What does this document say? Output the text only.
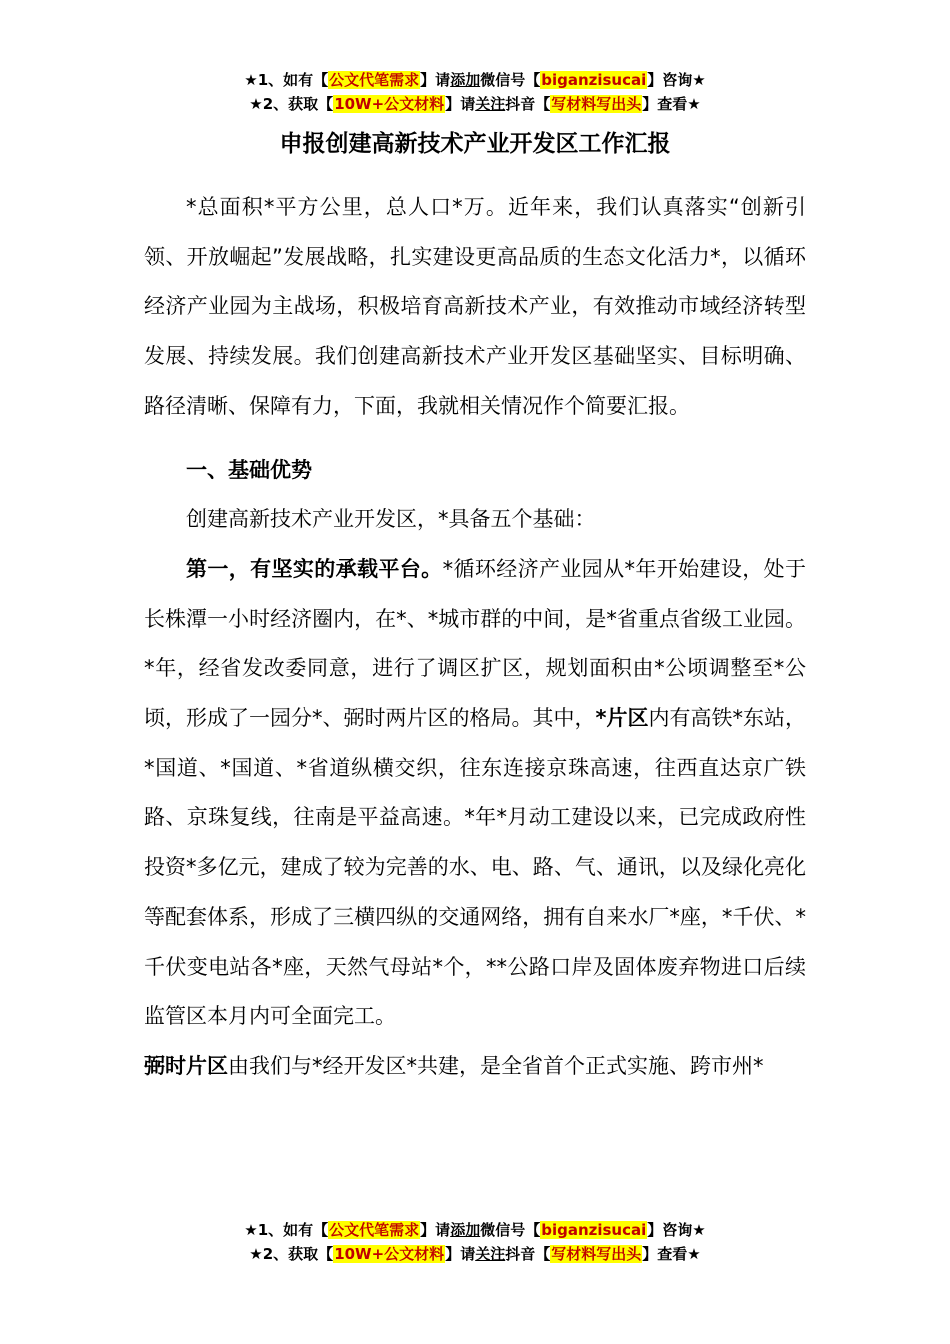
★1、如有【公文代笔需求】请添加微信号【biganzisucai】咨询★
★2、获取【10W+公文材料】请关注抖音【写材料写出头】查看★
申报创建高新技术产业开发区工作汇报

*总面积*平方公里，总人口*万。近年来，我们认真落实“创新引领、开放崛起”发展战略，扎实建设更高品质的生态文化活力*，以循环经济产业园为主战场，积极培育高新技术产业，有效推动市域经济转型发展、持续发展。我们创建高新技术产业开发区基础坚实、目标明确、路径清晰、保障有力，下面，我就相关情况作个简要汇报。

一、基础优势

创建高新技术产业开发区，*具备五个基础：

第一，有坚实的承载平台。*循环经济产业园从*年开始建设，处于长株潭一小时经济圈内，在*、*城市群的中间，是*省重点省级工业园。*年，经省发改委同意，进行了调区扩区，规划面积由*公顷调整至*公顷，形成了一园分*、弼时两片区的格局。其中，*片区内有高铁*东站，*国道、*国道、*省道纵横交织，往东连接京珠高速，往西直达京广铁路、京珠复线，往南是平益高速。*年*月动工建设以来，已完成政府性投资*多亿元，建成了较为完善的水、电、路、气、通讯，以及绿化亮化等配套体系，形成了三横四纵的交通网络，拥有自来水厂*座，*千伏、*千伏变电站各*座，天然气母站*个，**公路口岸及固体废弃物进口后续监管区本月内可全面完工。

弼时片区由我们与*经开发区*共建，是全省首个正式实施、跨市州*

★1、如有【公文代笔需求】请添加微信号【biganzisucai】咨询★
★2、获取【10W+公文材料】请关注抖音【写材料写出头】查看★
